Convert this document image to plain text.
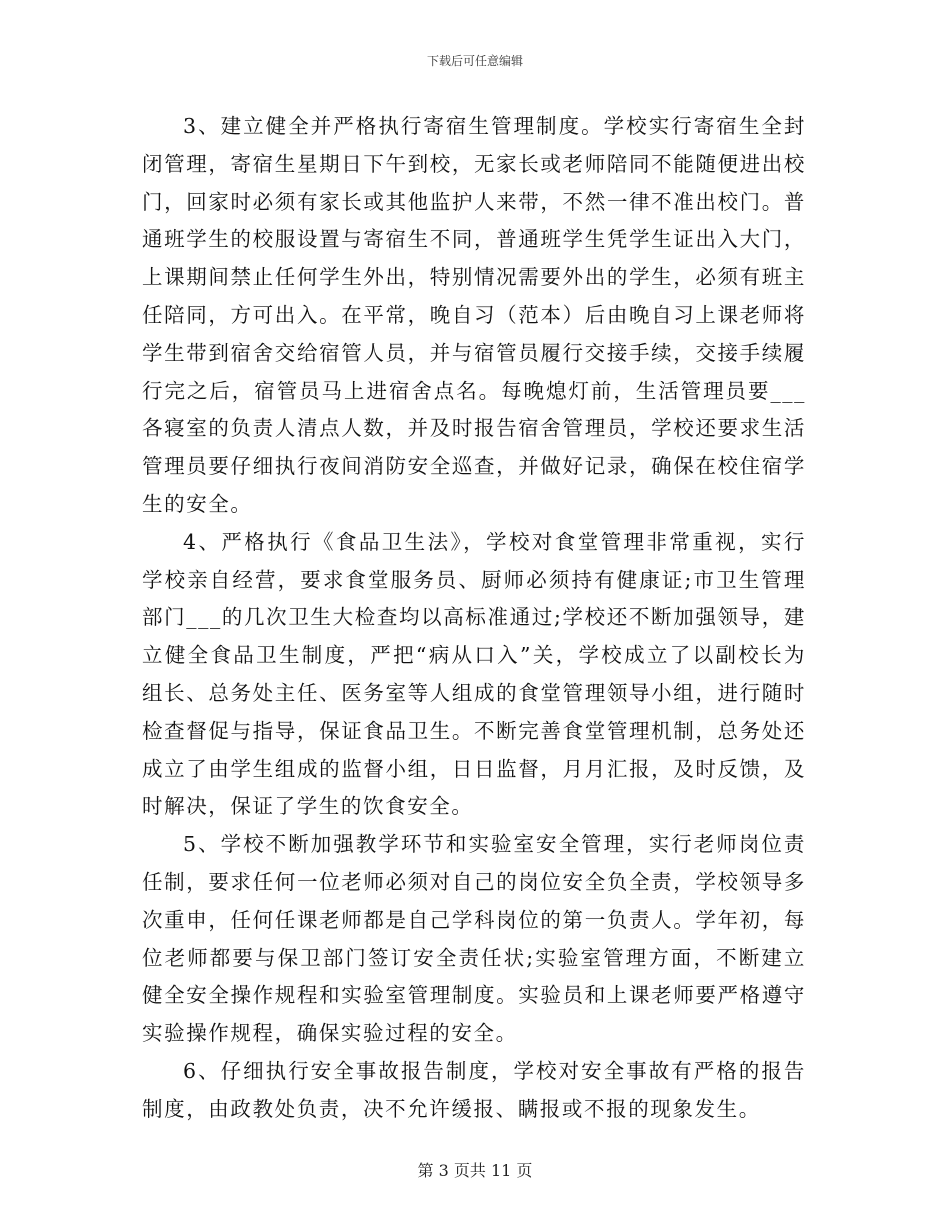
下载后可任意编辑

3、建立健全并严格执行寄宿生管理制度。学校实行寄宿生全封闭管理，寄宿生星期日下午到校，无家长或老师陪同不能随便进出校门，回家时必须有家长或其他监护人来带，不然一律不准出校门。普通班学生的校服设置与寄宿生不同，普通班学生凭学生证出入大门，上课期间禁止任何学生外出，特别情况需要外出的学生，必须有班主任陪同，方可出入。在平常，晚自习（范本）后由晚自习上课老师将学生带到宿舍交给宿管人员，并与宿管员履行交接手续，交接手续履行完之后，宿管员马上进宿舍点名。每晚熄灯前，生活管理员要___各寝室的负责人清点人数，并及时报告宿舍管理员，学校还要求生活管理员要仔细执行夜间消防安全巡查，并做好记录，确保在校住宿学生的安全。

4、严格执行《食品卫生法》，学校对食堂管理非常重视，实行学校亲自经营，要求食堂服务员、厨师必须持有健康证;市卫生管理部门___的几次卫生大检查均以高标准通过;学校还不断加强领导，建立健全食品卫生制度，严把“病从口入”关，学校成立了以副校长为组长、总务处主任、医务室等人组成的食堂管理领导小组，进行随时检查督促与指导，保证食品卫生。不断完善食堂管理机制，总务处还成立了由学生组成的监督小组，日日监督，月月汇报，及时反馈，及时解决，保证了学生的饮食安全。

5、学校不断加强教学环节和实验室安全管理，实行老师岗位责任制，要求任何一位老师必须对自己的岗位安全负全责，学校领导多次重申，任何任课老师都是自己学科岗位的第一负责人。学年初，每位老师都要与保卫部门签订安全责任状;实验室管理方面，不断建立健全安全操作规程和实验室管理制度。实验员和上课老师要严格遵守实验操作规程，确保实验过程的安全。

6、仔细执行安全事故报告制度，学校对安全事故有严格的报告制度，由政教处负责，决不允许缓报、瞒报或不报的现象发生。

第 3 页共 11 页
